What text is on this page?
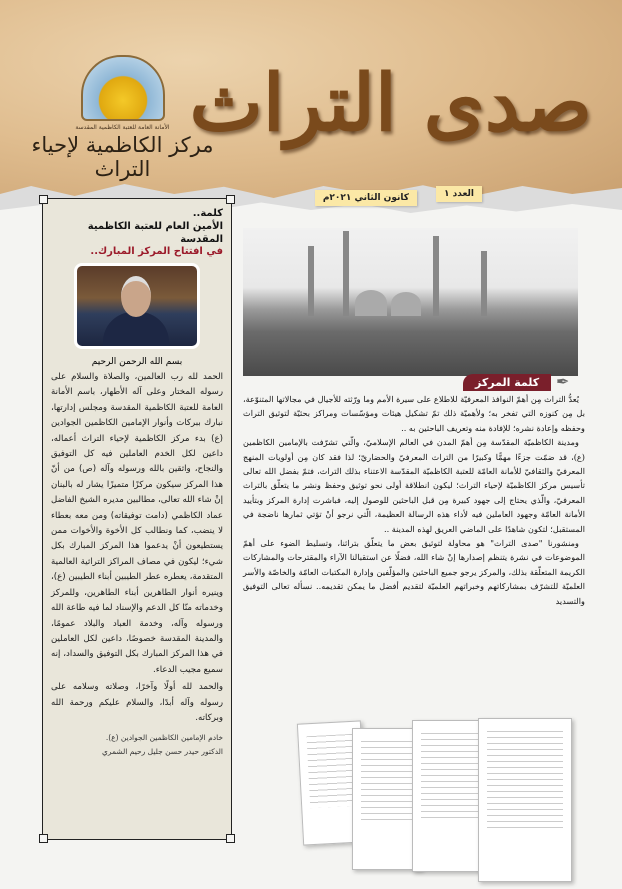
الأمانة العامة للعتبة الكاظمية المقدسة
مركز الكاظمية لإحياء التراث
صدى التراث
كانون الثاني ٢٠٢١م	العدد ١
كلمة..
الأمين العام للعتبة الكاظمية المقدسة
في افتتاح المركز المبارك..

بسم الله الرحمن الرحيم

الحمد لله رب العالمين، والصلاة والسلام على رسوله المختار وعلى آله الأطهار، باسم الأمانة العامة للعتبة الكاظمية المقدسة ومجلس إدارتها، نبارك ببركات وأنوار الإمامين الكاظمين الجوادين (ع) بدء مركز الكاظمية لإحياء التراث أعماله، داعين لكل الخدم العاملين فيه كل التوفيق والنجاح، واثقين بالله ورسوله وآله (ص) من أنّ هذا المركز سيكون مركزًا متميزًا يشار له بالبنان إنْ شاء الله تعالى، مطالبين مديره الشيخ الفاضل عماد الكاظمي (دامت توفيقاته) ومن معه بعطاء لا ينضب، كما ونطالب كل الأخوة والأخوات ممن يستطيعون أنْ يدعموا هذا المركز المبارك بكل شيء؛ ليكون في مصاف المراكز التراثية العالمية المتقدمة، يعطره عطر الطيبين أبناء الطيبين (ع)، وينيره أنوار الطاهرين أبناء الطاهرين، وللمركز وخدماته منّا كل الدعم والإسناد لما فيه طاعة الله ورسوله وآله، وخدمة العباد والبلاد عمومًا، والمدينة المقدسة خصوصًا، داعين لكل العاملين في هذا المركز المبارك بكل التوفيق والسداد، إنه سميع مجيب الدعاء.

والحمد لله أولًا وآخرًا، وصلاته وسلامه على رسوله وآله أبدًا، والسلام عليكم ورحمة الله وبركاته.

خادم الإمامين الكاظمين الجوادين (ع).
الدكتور حيدر حسن جليل رحيم الشمري
كلمة المركز	✒

يُعدُّ التراث مِن أهمّ النوافذ المعرفيّة للاطلاع على سيرة الأمم وما ورّثته للأجيال في مجالاتها المتنوّعة، بل مِن كنوزه التي تفخر به؛ ولأهميّة ذلك تمّ تشكيل هيئات ومؤسّسات ومراكز بحثيّة لتوثيق التراث وحفظه وإعادة نشره؛ للإفادة منه وتعريف الباحثين به ..

ومدينة الكاظميّة المقدّسة مِن أهمّ المدن في العالم الإسلاميّ، والّتي تشرّفت بالإمامين الكاظمين (ع)، قد ضمّت جزءًا مهمًّا وكبيرًا من التراث المعرفيّ والحضاريّ؛ لذا فقد كان مِن أولويات المنهج المعرفيّ والثقافيّ للأمانة العامّة للعتبة الكاظميّة المقدّسة الاعتناء بذلك التراث، فتمّ بفضل الله تعالى تأسيس مركز الكاظميّة لإحياء التراث؛ ليكون انطلاقة أولى نحو توثيق وحفظ ونشر ما يتعلّق بالتراث المعرفيّ، والّذي يحتاج إلى جهود كبيرة مِن قبل الباحثين للوصول إليه، فباشرت إدارة المركز وبتأييد الأمانة العامّة وجهود العاملين فيه لأداء هذه الرسالة العظيمة، الّتي نرجو أنْ تؤتي ثمارها ناضجة في المستقبل؛ لتكون شاهدًا على الماضي العريق لهذه المدينة ..

ومنشورنا "صدى التراث" هو محاولة لتوثيق بعض ما يتعلّق بتراثنا، وتسليط الضوء على أهمّ الموضوعات في نشرة يتنظم إصدارها إنْ شاء الله، فضلًا عن استقبالنا الآراء والمقترحات والمشاركات الكريمة المتعلّقة بذلك، والمركز يرجو جميع الباحثين والمؤلّفين وإدارة المكتبات العامّة والخاصّة والأسر العلميّة للتشرّف بمشاركاتهم وخبراتهم العلميّة لتقديم أفضل ما يمكن تقديمه.. نسأله تعالى التوفيق والتسديد
